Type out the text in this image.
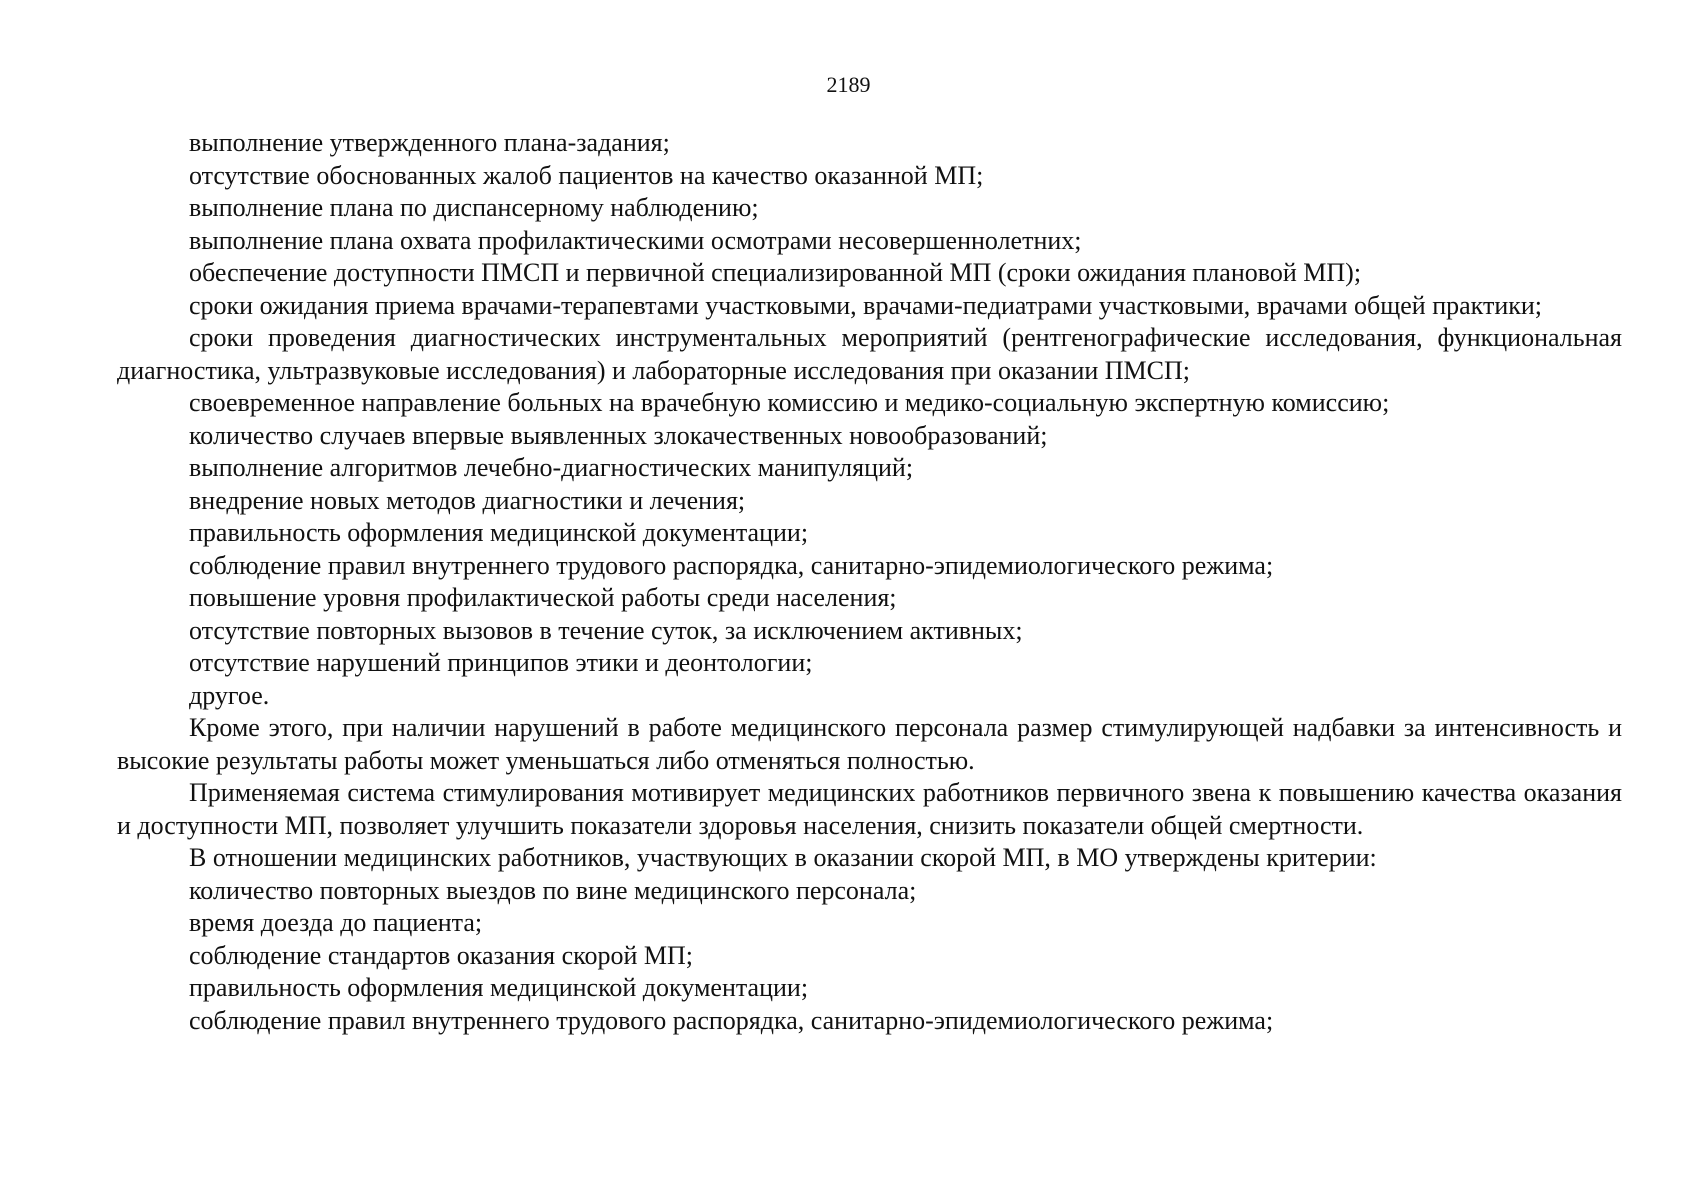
2189

выполнение утвержденного плана-задания;

отсутствие обоснованных жалоб пациентов на качество оказанной МП;

выполнение плана по диспансерному наблюдению;

выполнение плана охвата профилактическими осмотрами несовершеннолетних;

обеспечение доступности ПМСП и первичной специализированной МП (сроки ожидания плановой МП);

сроки ожидания приема врачами-терапевтами участковыми, врачами-педиатрами участковыми, врачами общей практики;

сроки проведения диагностических инструментальных мероприятий (рентгенографические исследования, функциональная диагностика, ультразвуковые исследования) и лабораторные исследования при оказании ПМСП;

своевременное направление больных на врачебную комиссию и медико-социальную экспертную комиссию;

количество случаев впервые выявленных злокачественных новообразований;

выполнение алгоритмов лечебно-диагностических манипуляций;

внедрение новых методов диагностики и лечения;

правильность оформления медицинской документации;

соблюдение правил внутреннего трудового распорядка, санитарно-эпидемиологического режима;

повышение уровня профилактической работы среди населения;

отсутствие повторных вызовов в течение суток, за исключением активных;

отсутствие нарушений принципов этики и деонтологии;

другое.

Кроме этого, при наличии нарушений в работе медицинского персонала размер стимулирующей надбавки за интенсивность и высокие результаты работы может уменьшаться либо отменяться полностью.

Применяемая система стимулирования мотивирует медицинских работников первичного звена к повышению качества оказания и доступности МП, позволяет улучшить показатели здоровья населения, снизить показатели общей смертности.

В отношении медицинских работников, участвующих в оказании скорой МП, в МО утверждены критерии:

количество повторных выездов по вине медицинского персонала;

время доезда до пациента;

соблюдение стандартов оказания скорой МП;

правильность оформления медицинской документации;

соблюдение правил внутреннего трудового распорядка, санитарно-эпидемиологического режима;
